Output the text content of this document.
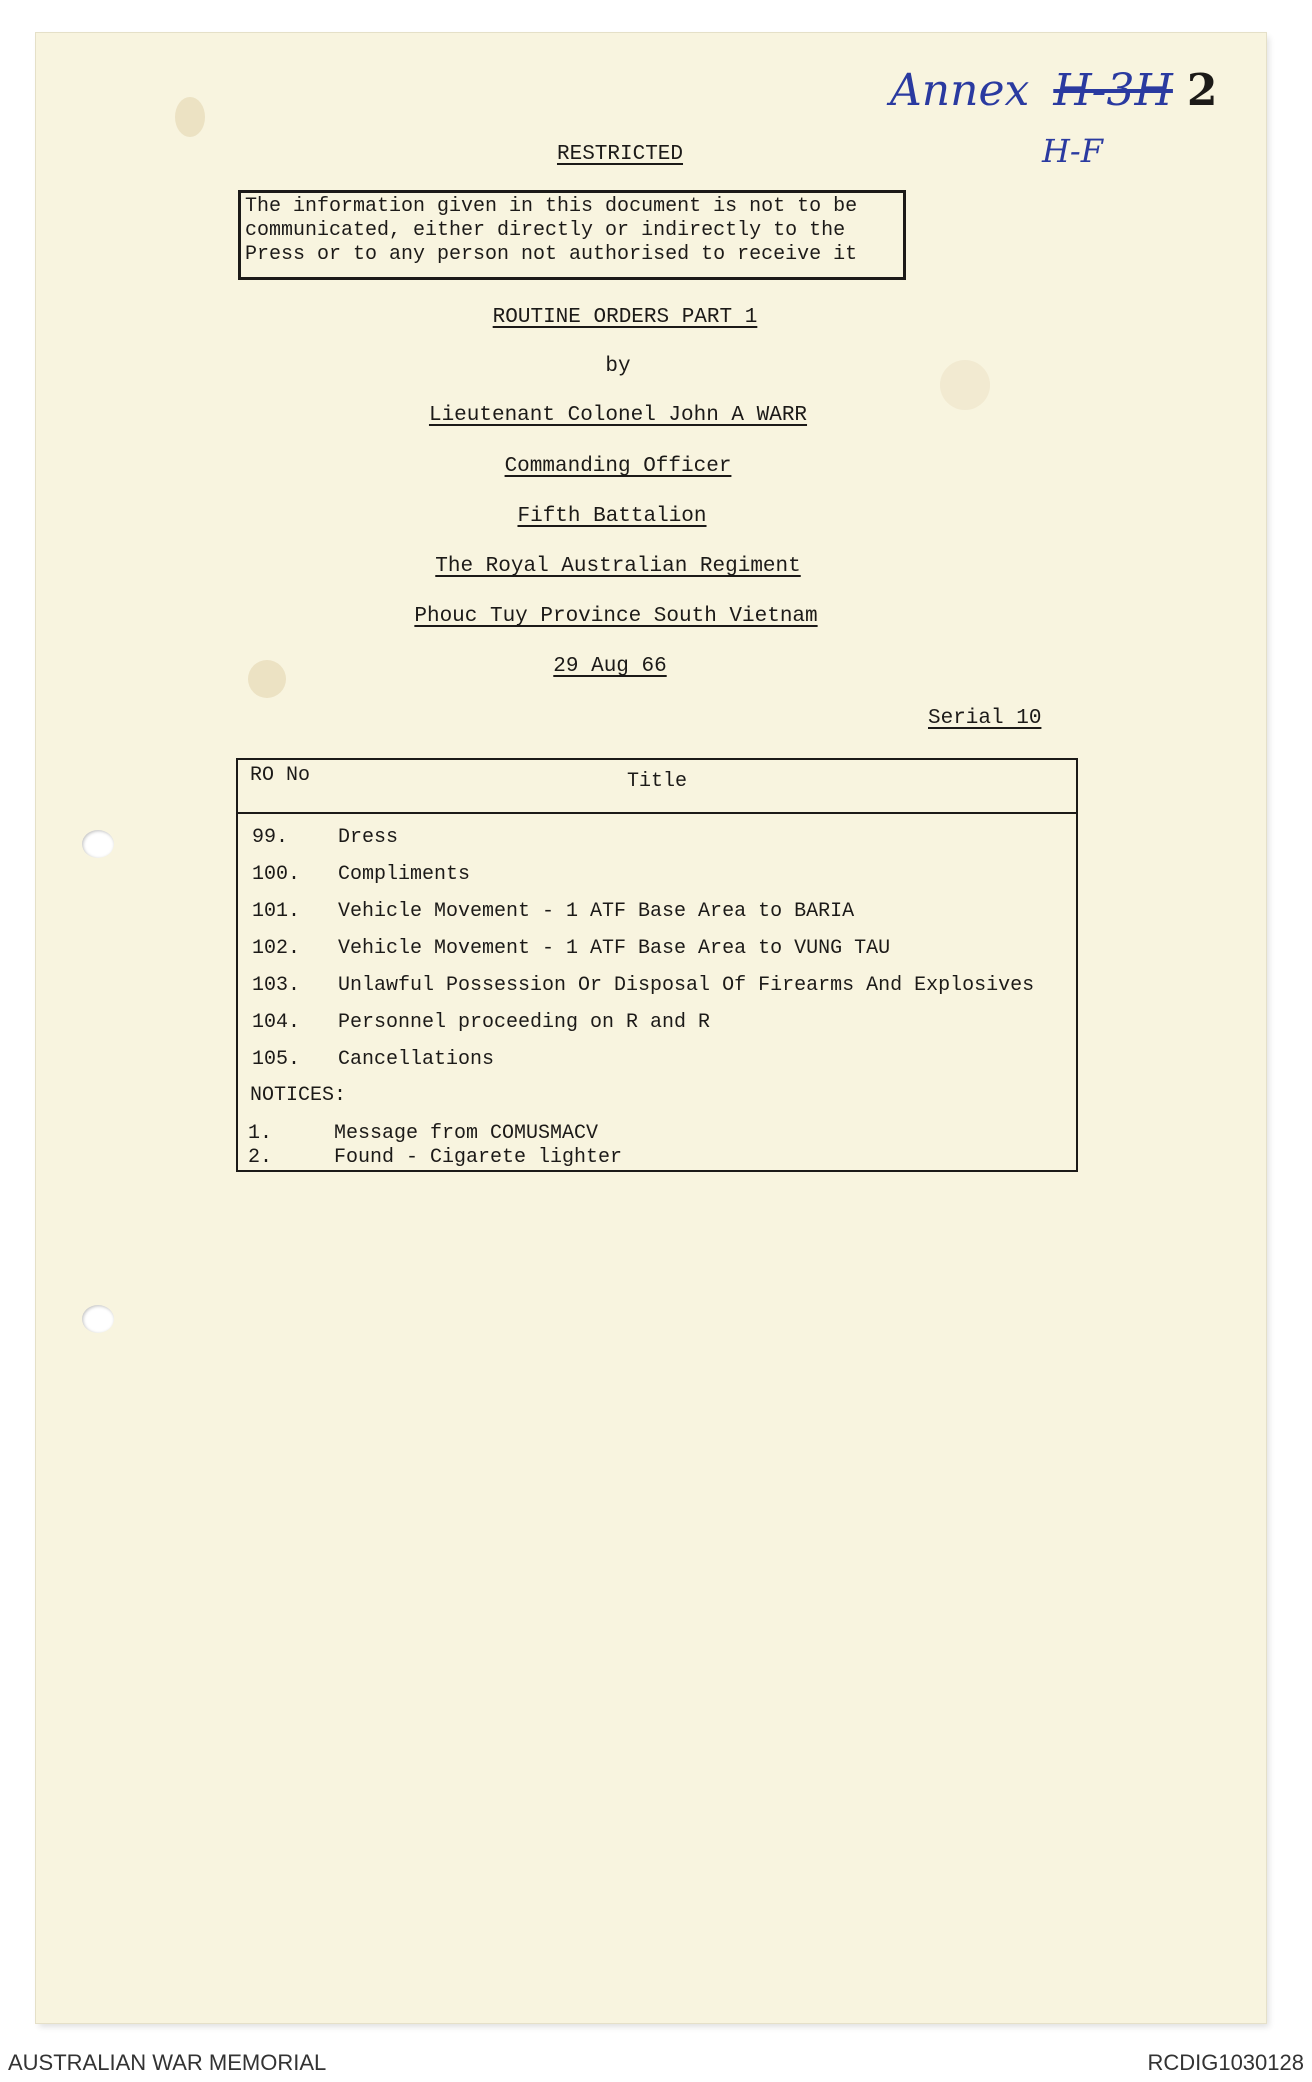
Annex H-3H 2
H-F
RESTRICTED
The information given in this document is not to be
communicated, either directly or indirectly to the
Press or to any person not authorised to receive it
ROUTINE ORDERS PART 1
by
Lieutenant Colonel John A WARR
Commanding Officer
Fifth Battalion
The Royal Australian Regiment
Phouc Tuy Province South Vietnam
29 Aug 66
Serial 10
RO No	Title
99. Dress
100. Compliments
101. Vehicle Movement - 1 ATF Base Area to BARIA
102. Vehicle Movement - 1 ATF Base Area to VUNG TAU
103. Unlawful Possession Or Disposal Of Firearms And Explosives
104. Personnel proceeding on R and R
105. Cancellations
NOTICES:
1.	Message from COMUSMACV
2.	Found - Cigarete lighter
AUSTRALIAN WAR MEMORIAL	RCDIG1030128
